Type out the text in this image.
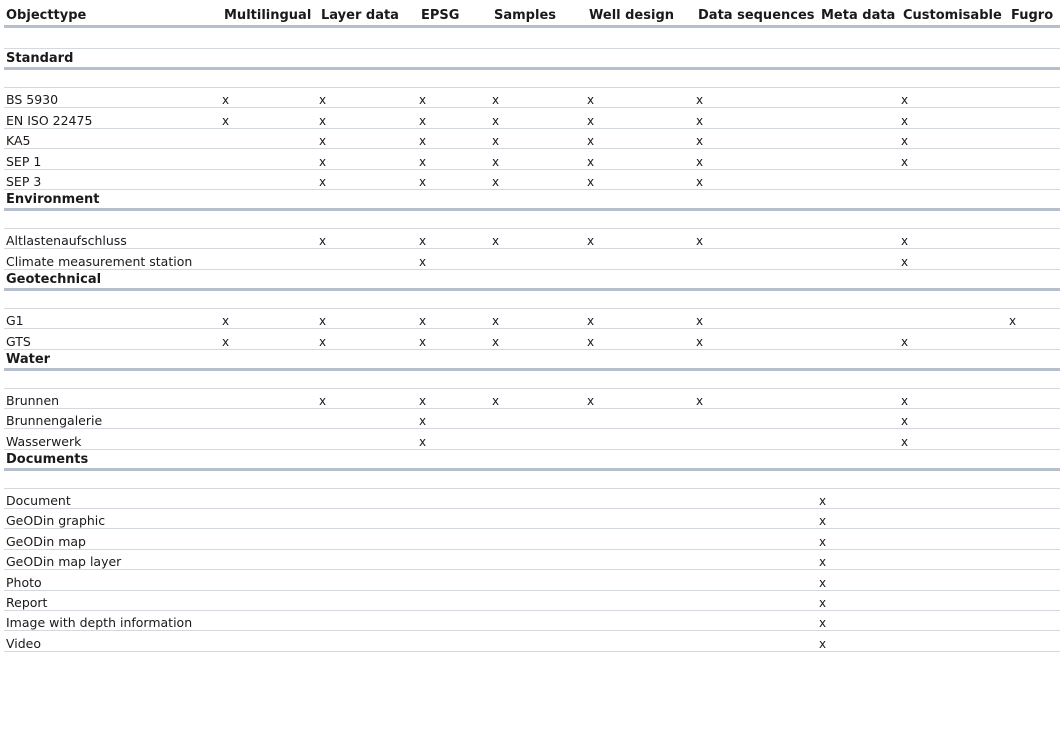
Objecttype	Multilingual	Layer data	EPSG	Samples	Well design	Data sequences	Meta data	Customisable	Fugro

Standard									

BS 5930	x	x	x	x	x	x		x	
EN ISO 22475	x	x	x	x	x	x		x	
KA5		x	x	x	x	x		x	
SEP 1		x	x	x	x	x		x	
SEP 3		x	x	x	x	x			
Environment									

Altlastenaufschluss		x	x	x	x	x		x	
Climate measurement station			x					x	
Geotechnical									

G1	x	x	x	x	x	x			x
GTS	x	x	x	x	x	x		x	
Water									

Brunnen		x	x	x	x	x		x	
Brunnengalerie			x					x	
Wasserwerk			x					x	
Documents									

Document							x		
GeODin graphic							x		
GeODin map							x		
GeODin map layer							x		
Photo							x		
Report							x		
Image with depth information							x		
Video							x		
